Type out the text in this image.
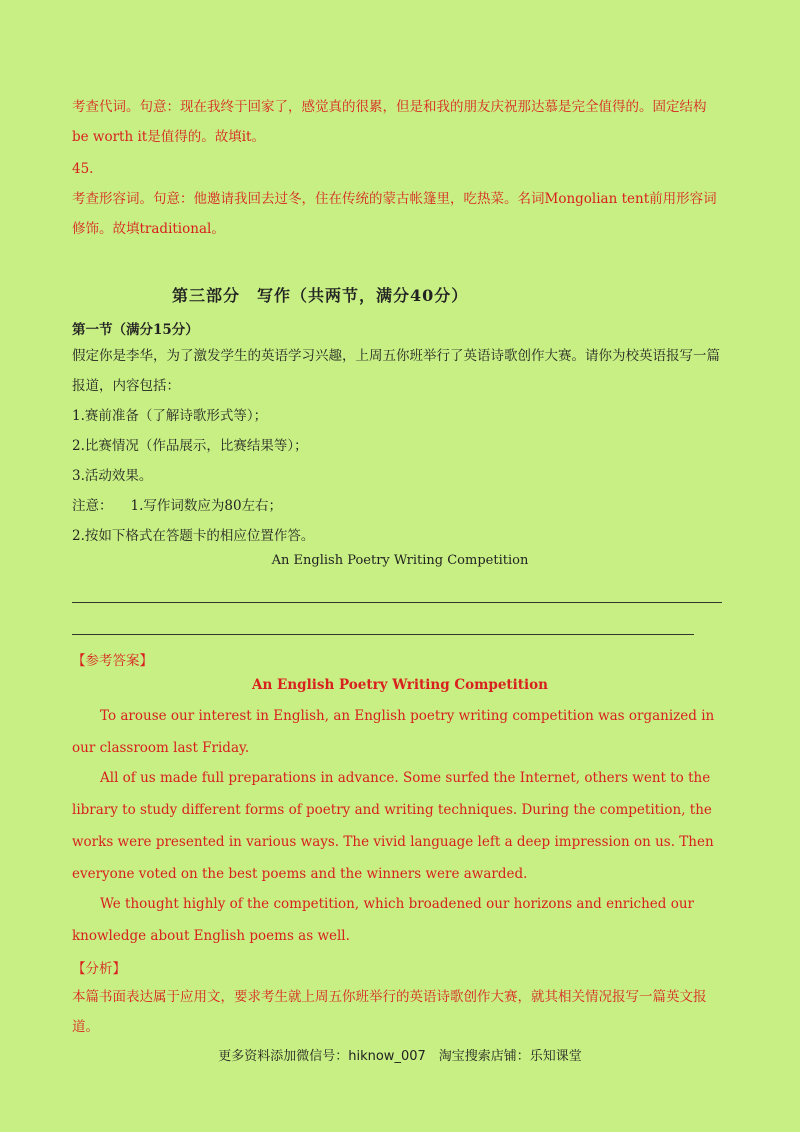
考查代词。句意：现在我终于回家了，感觉真的很累，但是和我的朋友庆祝那达慕是完全值得的。固定结构be worth it是值得的。故填it。

45.

考查形容词。句意：他邀请我回去过冬，住在传统的蒙古帐篷里，吃热菜。名词Mongolian tent前用形容词修饰。故填traditional。

第三部分　写作（共两节，满分40分）
第一节（满分15分）

假定你是李华，为了激发学生的英语学习兴趣，上周五你班举行了英语诗歌创作大赛。请你为校英语报写一篇报道，内容包括：

1.赛前准备（了解诗歌形式等）；
2.比赛情况（作品展示，比赛结果等）；
3.活动效果。

注意： 1.写作词数应为80左右；

2.按如下格式在答题卡的相应位置作答。

An English Poetry Writing Competition

【参考答案】

An English Poetry Writing Competition

To arouse our interest in English, an English poetry writing competition was organized in our classroom last Friday.

All of us made full preparations in advance. Some surfed the Internet, others went to the library to study different forms of poetry and writing techniques. During the competition, the works were presented in various ways. The vivid language left a deep impression on us. Then everyone voted on the best poems and the winners were awarded.

We thought highly of the competition, which broadened our horizons and enriched our knowledge about English poems as well.

【分析】

本篇书面表达属于应用文，要求考生就上周五你班举行的英语诗歌创作大赛，就其相关情况报写一篇英文报道。

更多资料添加微信号：hiknow_007　淘宝搜索店铺：乐知课堂
